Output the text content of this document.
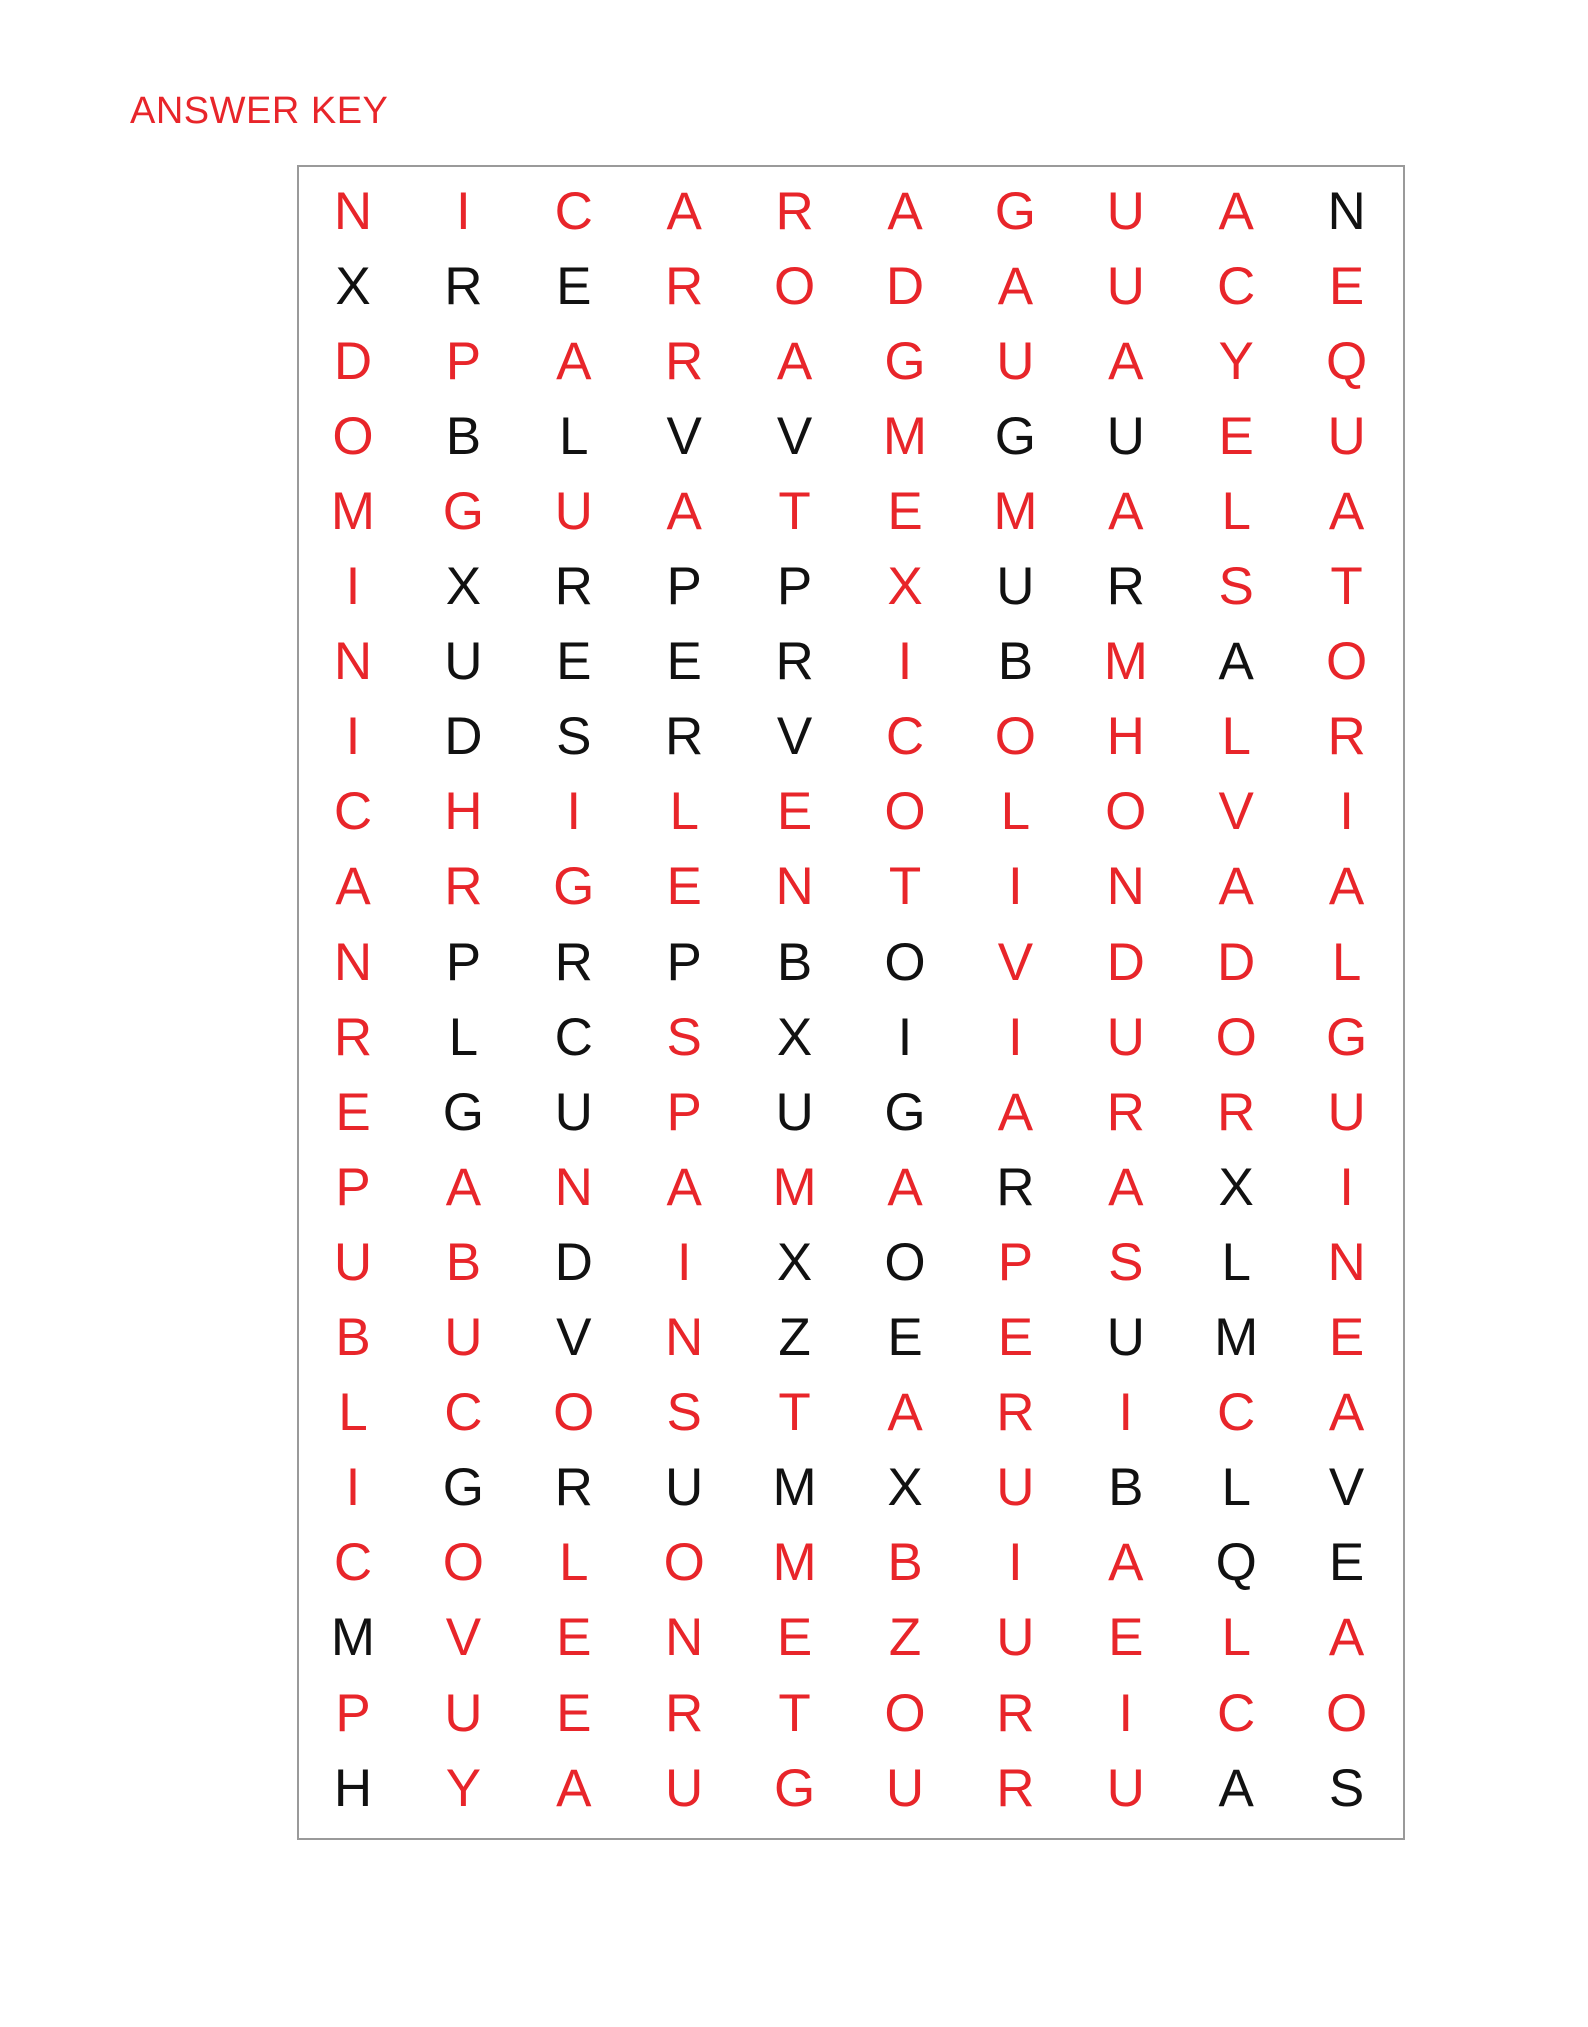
ANSWER KEY
N	I	C	A	R	A	G	U	A	N
X	R	E	R	O	D	A	U	C	E
D	P	A	R	A	G	U	A	Y	Q
O	B	L	V	V	M	G	U	E	U
M	G	U	A	T	E	M	A	L	A
I	X	R	P	P	X	U	R	S	T
N	U	E	E	R	I	B	M	A	O
I	D	S	R	V	C	O	H	L	R
C	H	I	L	E	O	L	O	V	I
A	R	G	E	N	T	I	N	A	A
N	P	R	P	B	O	V	D	D	L
R	L	C	S	X	I	I	U	O	G
E	G	U	P	U	G	A	R	R	U
P	A	N	A	M	A	R	A	X	I
U	B	D	I	X	O	P	S	L	N
B	U	V	N	Z	E	E	U	M	E
L	C	O	S	T	A	R	I	C	A
I	G	R	U	M	X	U	B	L	V
C	O	L	O	M	B	I	A	Q	E
M	V	E	N	E	Z	U	E	L	A
P	U	E	R	T	O	R	I	C	O
H	Y	A	U	G	U	R	U	A	S
